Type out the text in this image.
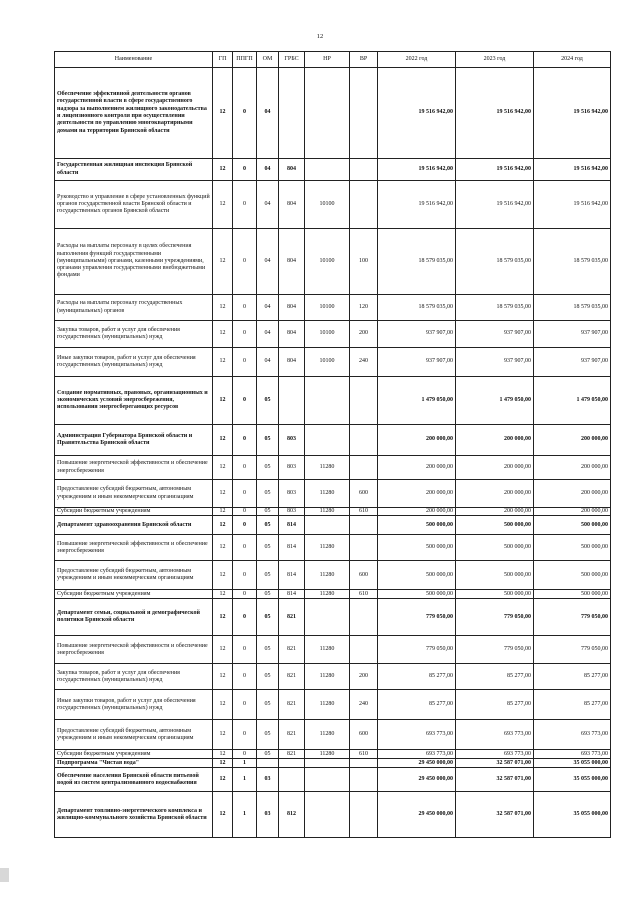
12
Наименование	ГП	ППГП	ОМ	ГРБС	НР	ВР	2022 год	2023 год	2024 год
Обеспечение эффективной деятельности органов государственной власти в сфере государственного надзора за выполнением жилищного законодательства и лицензионного контроля при осуществлении деятельности по управлению многоквартирными домами на территории Брянской области	12	0	04				19 516 942,00	19 516 942,00	19 516 942,00
Государственная жилищная инспекция Брянской области	12	0	04	804			19 516 942,00	19 516 942,00	19 516 942,00
Руководство и управление в сфере установленных функций органов государственной власти Брянской области и государственных органов Брянской области	12	0	04	804	10100		19 516 942,00	19 516 942,00	19 516 942,00
Расходы на выплаты персоналу в целях обеспечения выполнения функций государственными (муниципальными) органами, казенными учреждениями, органами управления государственными внебюджетными фондами	12	0	04	804	10100	100	18 579 035,00	18 579 035,00	18 579 035,00
Расходы на выплаты персоналу государственных (муниципальных) органов	12	0	04	804	10100	120	18 579 035,00	18 579 035,00	18 579 035,00
Закупка товаров, работ и услуг для обеспечения государственных (муниципальных) нужд	12	0	04	804	10100	200	937 907,00	937 907,00	937 907,00
Иные закупки товаров, работ и услуг для обеспечения государственных (муниципальных) нужд	12	0	04	804	10100	240	937 907,00	937 907,00	937 907,00
Создание нормативных, правовых, организационных и экономических условий энергосбережения, использования энергосберегающих ресурсов	12	0	05				1 479 050,00	1 479 050,00	1 479 050,00
Администрация Губернатора Брянской области и Правительства Брянской области	12	0	05	803			200 000,00	200 000,00	200 000,00
Повышение энергетической эффективности и обеспечение энергосбережения	12	0	05	803	11280		200 000,00	200 000,00	200 000,00
Предоставление субсидий бюджетным, автономным учреждениям и иным некоммерческим организациям	12	0	05	803	11280	600	200 000,00	200 000,00	200 000,00
Субсидии бюджетным учреждениям	12	0	05	803	11280	610	200 000,00	200 000,00	200 000,00
Департамент здравоохранения Брянской области	12	0	05	814			500 000,00	500 000,00	500 000,00
Повышение энергетической эффективности и обеспечение энергосбережения	12	0	05	814	11280		500 000,00	500 000,00	500 000,00
Предоставление субсидий бюджетным, автономным учреждениям и иным некоммерческим организациям	12	0	05	814	11280	600	500 000,00	500 000,00	500 000,00
Субсидии бюджетным учреждениям	12	0	05	814	11280	610	500 000,00	500 000,00	500 000,00
Департамент семьи, социальной и демографической политики Брянской области	12	0	05	821			779 050,00	779 050,00	779 050,00
Повышение энергетической эффективности и обеспечение энергосбережения	12	0	05	821	11280		779 050,00	779 050,00	779 050,00
Закупка товаров, работ и услуг для обеспечения государственных (муниципальных) нужд	12	0	05	821	11280	200	85 277,00	85 277,00	85 277,00
Иные закупки товаров, работ и услуг для обеспечения государственных (муниципальных) нужд	12	0	05	821	11280	240	85 277,00	85 277,00	85 277,00
Предоставление субсидий бюджетным, автономным учреждениям и иным некоммерческим организациям	12	0	05	821	11280	600	693 773,00	693 773,00	693 773,00
Субсидии бюджетным учреждениям	12	0	05	821	11280	610	693 773,00	693 773,00	693 773,00
Подпрограмма "Чистая вода"	12	1					29 450 000,00	32 587 071,00	35 055 000,00
Обеспечение населения Брянской области питьевой водой из систем централизованного водоснабжения	12	1	03				29 450 000,00	32 587 071,00	35 055 000,00
Департамент топливно-энергетического комплекса и жилищно-коммунального хозяйства Брянской области	12	1	03	812			29 450 000,00	32 587 071,00	35 055 000,00
